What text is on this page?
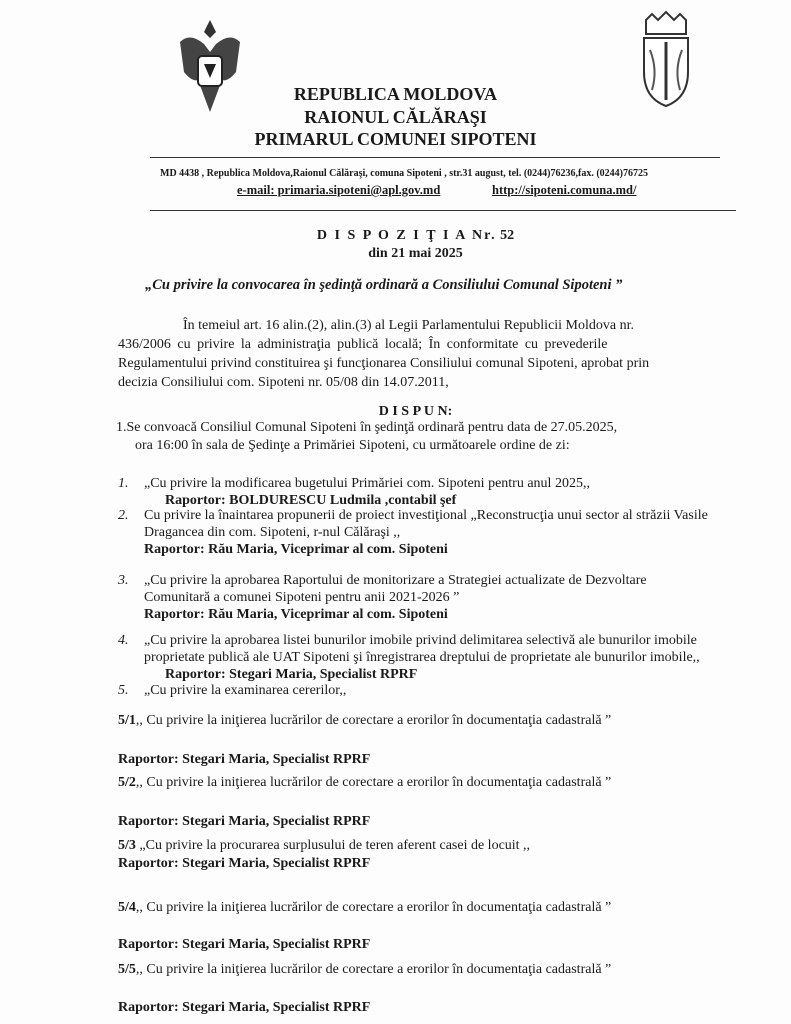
REPUBLICA MOLDOVA
RAIONUL CĂLĂRAŞI
PRIMARUL COMUNEI SIPOTENI
MD 4438 , Republica Moldova,Raionul Călăraşi, comuna Sipoteni , str.31 august, tel. (0244)76236,fax. (0244)76725
e-mail: primaria.sipoteni@apl.gov.md	http://sipoteni.comuna.md/
D I S P O Z I Ţ I A Nr. 52
din 21 mai 2025
„Cu privire la convocarea în şedinţă ordinară a Consiliului Comunal Sipoteni ”
În temeiul art. 16 alin.(2), alin.(3) al Legii Parlamentului Republicii Moldova nr.
436/2006 cu privire la administraţia publică locală; În conformitate cu prevederile
Regulamentului privind constituirea şi funcţionarea Consiliului comunal Sipoteni, aprobat prin
decizia Consiliului com. Sipoteni nr. 05/08 din 14.07.2011,
D I S P U N:
1.Se convoacă Consiliul Comunal Sipoteni în şedinţă ordinară pentru data de 27.05.2025,
ora 16:00 în sala de Şedinţe a Primăriei Sipoteni, cu următoarele ordine de zi:
1. „Cu privire la modificarea bugetului Primăriei com. Sipoteni pentru anul 2025,,
Raportor: BOLDURESCU Ludmila ,contabil şef
2. Cu privire la înaintarea propunerii de proiect investiţional „Reconstrucţia unui sector al străzii Vasile
Dragancea din com. Sipoteni, r-nul Călăraşi ,,
Raportor: Rău Maria, Viceprimar al com. Sipoteni
3. „Cu privire la aprobarea Raportului de monitorizare a Strategiei actualizate de Dezvoltare
Comunitară a comunei Sipoteni pentru anii 2021-2026 ”
Raportor: Rău Maria, Viceprimar al com. Sipoteni
4. „Cu privire la aprobarea listei bunurilor imobile privind delimitarea selectivă ale bunurilor imobile
proprietate publică ale UAT Sipoteni şi înregistrarea dreptului de proprietate ale bunurilor imobile,,
Raportor: Stegari Maria, Specialist RPRF
5. „Cu privire la examinarea cererilor,,
5/1,, Cu privire la iniţierea lucrărilor de corectare a erorilor în documentaţia cadastrală ”
Raportor: Stegari Maria, Specialist RPRF
5/2,, Cu privire la iniţierea lucrărilor de corectare a erorilor în documentaţia cadastrală ”
Raportor: Stegari Maria, Specialist RPRF
5/3 „Cu privire la procurarea surplusului de teren aferent casei de locuit ,,
Raportor: Stegari Maria, Specialist RPRF
5/4,, Cu privire la iniţierea lucrărilor de corectare a erorilor în documentaţia cadastrală ”
Raportor: Stegari Maria, Specialist RPRF
5/5,, Cu privire la iniţierea lucrărilor de corectare a erorilor în documentaţia cadastrală ”
Raportor: Stegari Maria, Specialist RPRF
